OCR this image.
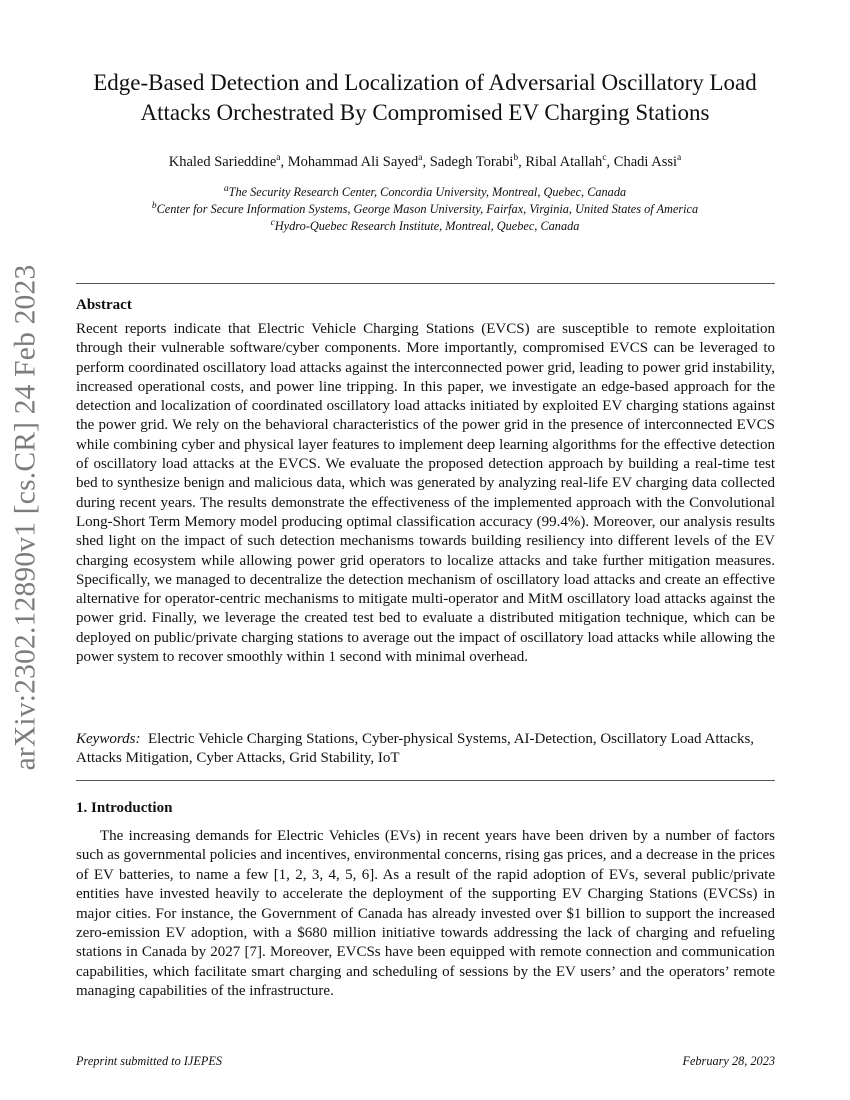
arXiv:2302.12890v1 [cs.CR] 24 Feb 2023
Edge-Based Detection and Localization of Adversarial Oscillatory Load Attacks Orchestrated By Compromised EV Charging Stations
Khaled Sarieddine$^a$, Mohammad Ali Sayed$^a$, Sadegh Torabi$^b$, Ribal Atallah$^c$, Chadi Assi$^a$
$^a$The Security Research Center, Concordia University, Montreal, Quebec, Canada
$^b$Center for Secure Information Systems, George Mason University, Fairfax, Virginia, United States of America
$^c$Hydro-Quebec Research Institute, Montreal, Quebec, Canada
Abstract
Recent reports indicate that Electric Vehicle Charging Stations (EVCS) are susceptible to remote exploitation through their vulnerable software/cyber components. More importantly, compromised EVCS can be leveraged to perform coordinated oscillatory load attacks against the interconnected power grid, leading to power grid instability, increased operational costs, and power line tripping. In this paper, we investigate an edge-based approach for the detection and localization of coordinated oscillatory load attacks initiated by exploited EV charging stations against the power grid. We rely on the behavioral characteristics of the power grid in the presence of interconnected EVCS while combining cyber and physical layer features to implement deep learning algorithms for the effective detection of oscillatory load attacks at the EVCS. We evaluate the proposed detection approach by building a real-time test bed to synthesize benign and malicious data, which was generated by analyzing real-life EV charging data collected during recent years. The results demonstrate the effectiveness of the implemented approach with the Convolutional Long-Short Term Memory model producing optimal classification accuracy (99.4%). Moreover, our analysis results shed light on the impact of such detection mechanisms towards building resiliency into different levels of the EV charging ecosystem while allowing power grid operators to localize attacks and take further mitigation measures. Specifically, we managed to decentralize the detection mechanism of oscillatory load attacks and create an effective alternative for operator-centric mechanisms to mitigate multi-operator and MitM oscillatory load attacks against the power grid. Finally, we leverage the created test bed to evaluate a distributed mitigation technique, which can be deployed on public/private charging stations to average out the impact of oscillatory load attacks while allowing the power system to recover smoothly within 1 second with minimal overhead.
Keywords: Electric Vehicle Charging Stations, Cyber-physical Systems, AI-Detection, Oscillatory Load Attacks, Attacks Mitigation, Cyber Attacks, Grid Stability, IoT
1. Introduction
The increasing demands for Electric Vehicles (EVs) in recent years have been driven by a number of factors such as governmental policies and incentives, environmental concerns, rising gas prices, and a decrease in the prices of EV batteries, to name a few [1, 2, 3, 4, 5, 6]. As a result of the rapid adoption of EVs, several public/private entities have invested heavily to accelerate the deployment of the supporting EV Charging Stations (EVCSs) in major cities. For instance, the Government of Canada has already invested over $1 billion to support the increased zero-emission EV adoption, with a $680 million initiative towards addressing the lack of charging and refueling stations in Canada by 2027 [7]. Moreover, EVCSs have been equipped with remote connection and communication capabilities, which facilitate smart charging and scheduling of sessions by the EV users’ and the operators’ remote managing capabilities of the infrastructure.
Preprint submitted to IJEPES	February 28, 2023
